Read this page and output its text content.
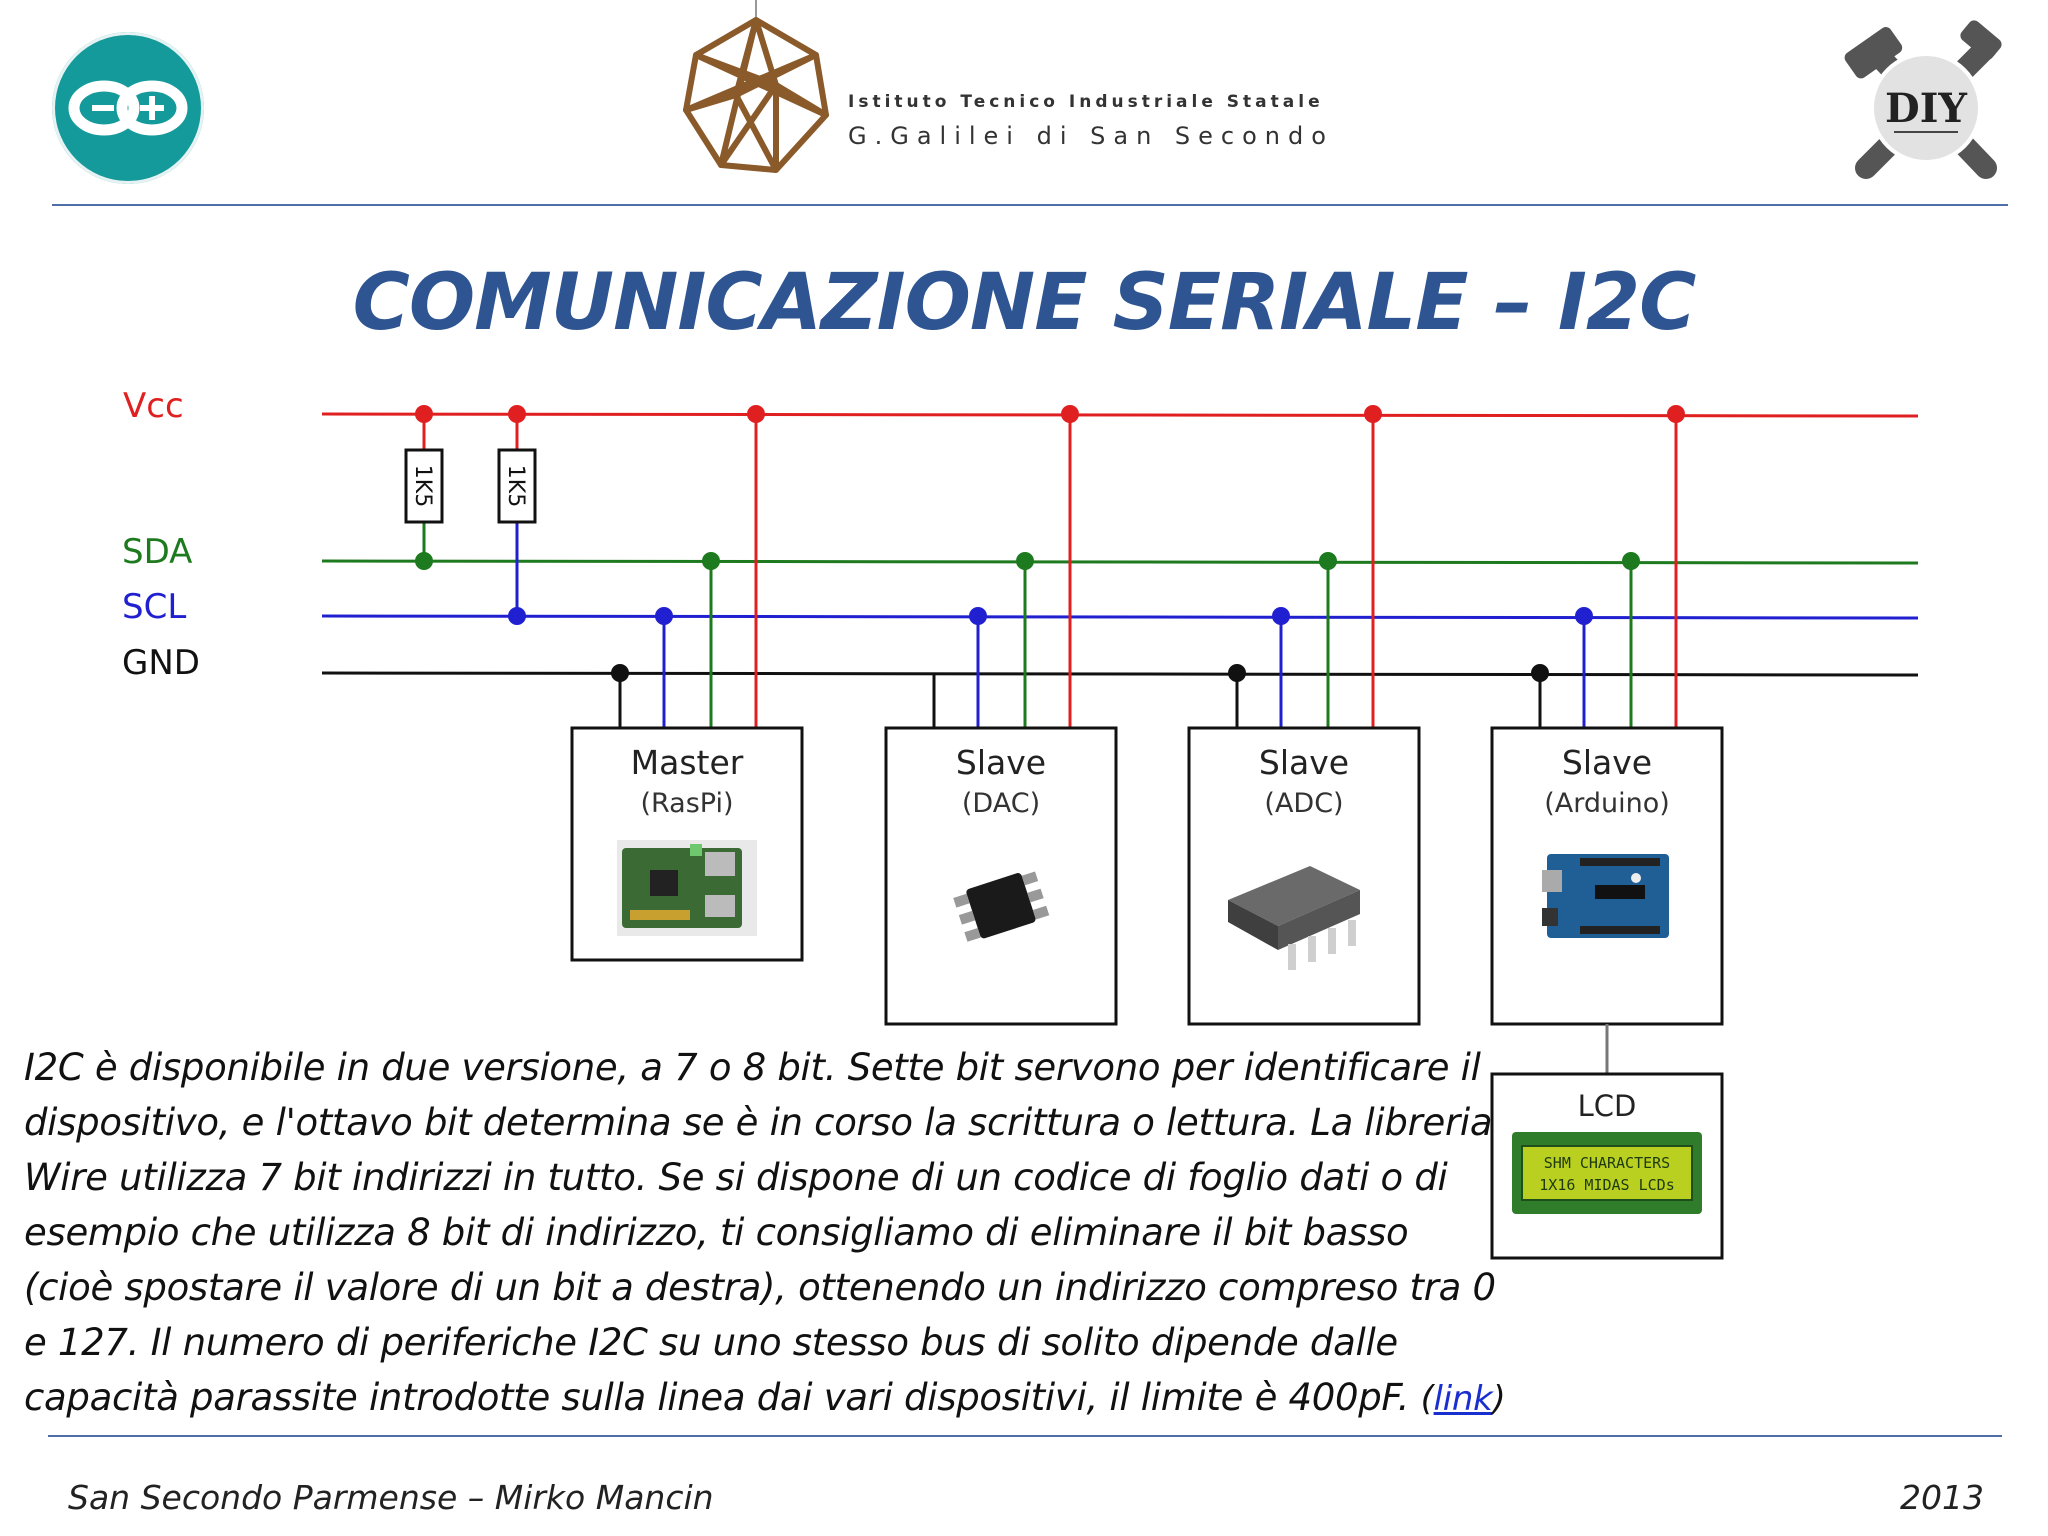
Istituto Tecnico Industriale Statale
G.Galilei di San Secondo
DIY
COMUNICAZIONE SERIALE – I2C
Vcc
SDA
SCL
GND
1K5	1K5
Master
(RasPi)
Slave
(DAC)
Slave
(ADC)
Slave
(Arduino)
LCD
SHM CHARACTERS
1X16 MIDAS LCDs
I2C è disponibile in due versione, a 7 o 8 bit. Sette bit servono per identificare il
dispositivo, e l'ottavo bit determina se è in corso la scrittura o lettura. La libreria
Wire utilizza 7 bit indirizzi in tutto. Se si dispone di un codice di foglio dati o di
esempio che utilizza 8 bit di indirizzo, ti consigliamo di eliminare il bit basso
(cioè spostare il valore di un bit a destra), ottenendo un indirizzo compreso tra 0
e 127. Il numero di periferiche I2C su uno stesso bus di solito dipende dalle
capacità parassite introdotte sulla linea dai vari dispositivi, il limite è 400pF. (link)
San Secondo Parmense – Mirko Mancin	2013
